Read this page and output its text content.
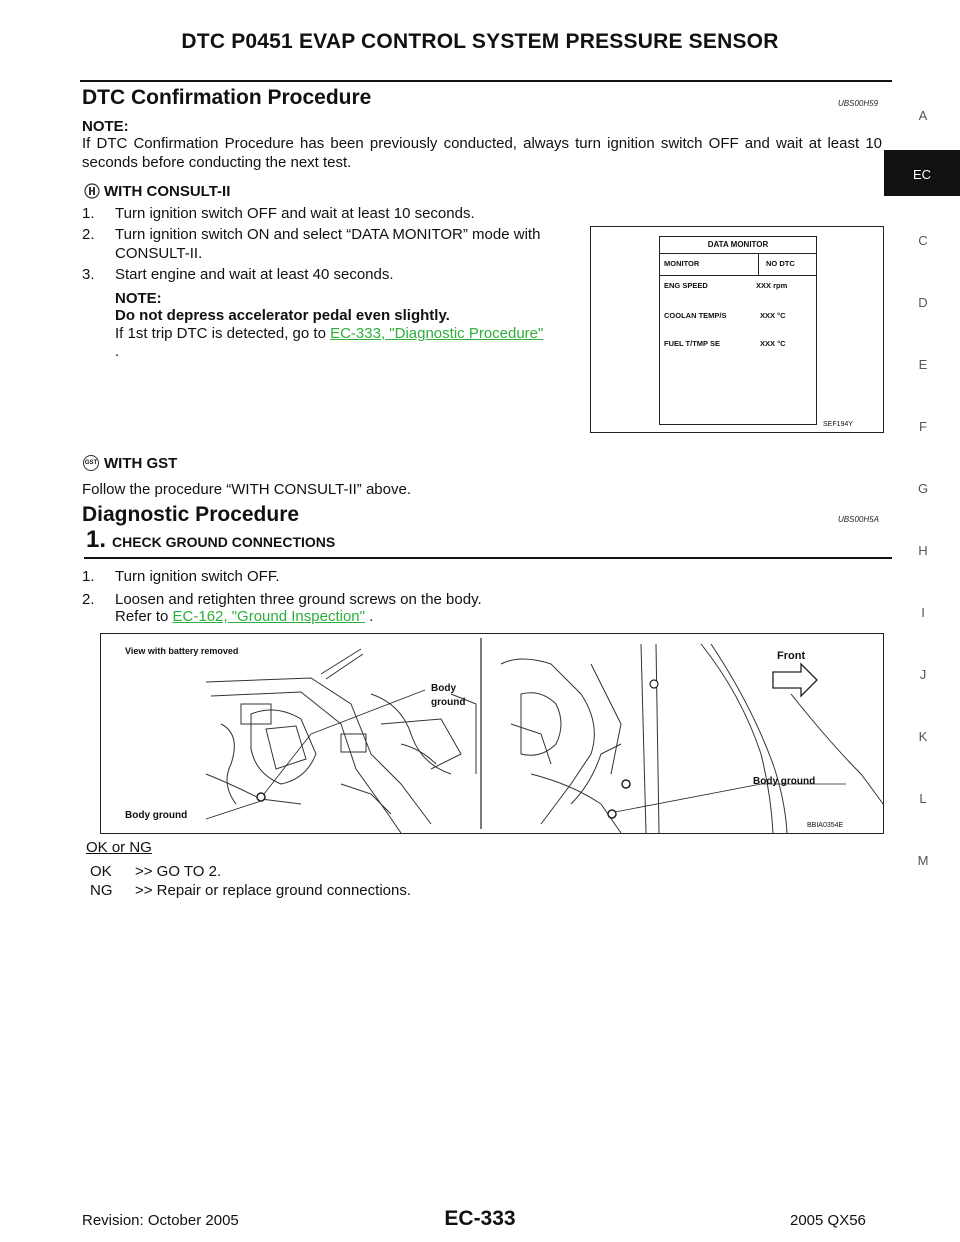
DTC P0451 EVAP CONTROL SYSTEM PRESSURE SENSOR
A
EC
C
D
E
F
G
H
I
J
K
L
M
DTC Confirmation Procedure	UBS00H59
NOTE:
If DTC Confirmation Procedure has been previously conducted, always turn ignition switch OFF and wait at least 10 seconds before conducting the next test.
WITH CONSULT-II
1. Turn ignition switch OFF and wait at least 10 seconds.
2. Turn ignition switch ON and select “DATA MONITOR” mode with CONSULT-II.
3. Start engine and wait at least 40 seconds.
NOTE:
Do not depress accelerator pedal even slightly.
If 1st trip DTC is detected, go to EC-333, "Diagnostic Procedure"
.
DATA MONITOR
MONITOR	NO DTC
ENG SPEED	XXX rpm
COOLAN TEMP/S	XXX °C
FUEL T/TMP SE	XXX °C
SEF194Y
GST WITH GST
Follow the procedure “WITH CONSULT-II” above.
Diagnostic Procedure	UBS00H5A
1. CHECK GROUND CONNECTIONS
1. Turn ignition switch OFF.
2. Loosen and retighten three ground screws on the body.
Refer to EC-162, "Ground Inspection" .
View with battery removed
Body
ground
Body ground
Front
Body ground
BBIA0354E
OK or NG
OK >> GO TO 2.
NG >> Repair or replace ground connections.
Revision: October 2005	EC-333	2005 QX56
